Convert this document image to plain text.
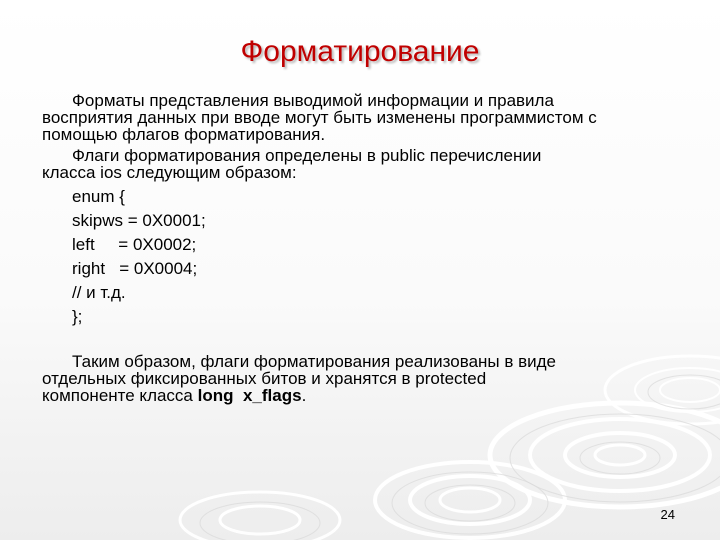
Форматирование
Форматы представления выводимой информации и правила
восприятия данных при вводе могут быть изменены программистом с помощью флагов форматирования.
Флаги форматирования определены в public перечислении
класса ios следующим образом:
enum {
skipws = 0X0001;
left     = 0X0002;
right   = 0X0004;
// и т.д.
};
Таким образом, флаги форматирования реализованы в виде
отдельных фиксированных битов и хранятся в protected
компоненте класса long x_flags.
24
